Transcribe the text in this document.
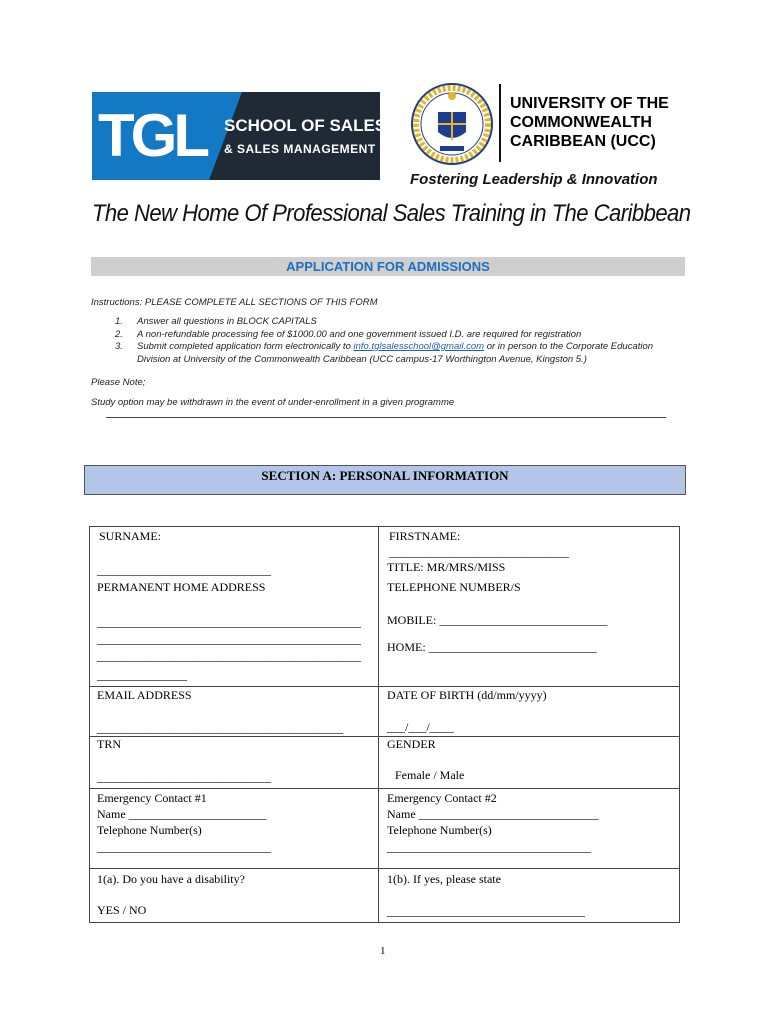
TGL SCHOOL OF SALES
& SALES MANAGEMENT
UNIVERSITY OF THE
COMMONWEALTH
CARIBBEAN (UCC)
Fostering Leadership & Innovation
The New Home Of Professional Sales Training in The Caribbean
APPLICATION FOR ADMISSIONS
Instructions: PLEASE COMPLETE ALL SECTIONS OF THIS FORM
1. Answer all questions in BLOCK CAPITALS
2. A non-refundable processing fee of $1000.00 and one government issued I.D. are required for registration
3. Submit completed application form electronically to info.tglsalesschool@gmail.com or in person to the Corporate Education Division at University of the Commonwealth Caribbean (UCC campus-17 Worthington Avenue, Kingston 5.)
Please Note;
Study option may be withdrawn in the event of under-enrollment in a given programme
SECTION A: PERSONAL INFORMATION
SURNAME:
_____________________________
FIRSTNAME:
______________________________
TITLE: MR/MRS/MISS
PERMANENT HOME ADDRESS
____________________________________________
____________________________________________
____________________________________________
_______________
TELEPHONE NUMBER/S
MOBILE: ____________________________
HOME: ____________________________
EMAIL ADDRESS
_________________________________________
DATE OF BIRTH (dd/mm/yyyy)
___/___/____
TRN
_____________________________
GENDER
Female / Male
Emergency Contact #1
Name _______________________
Telephone Number(s)
_____________________________
Emergency Contact #2
Name ______________________________
Telephone Number(s)
__________________________________
1(a). Do you have a disability?
YES / NO
1(b). If yes, please state
_________________________________
1
